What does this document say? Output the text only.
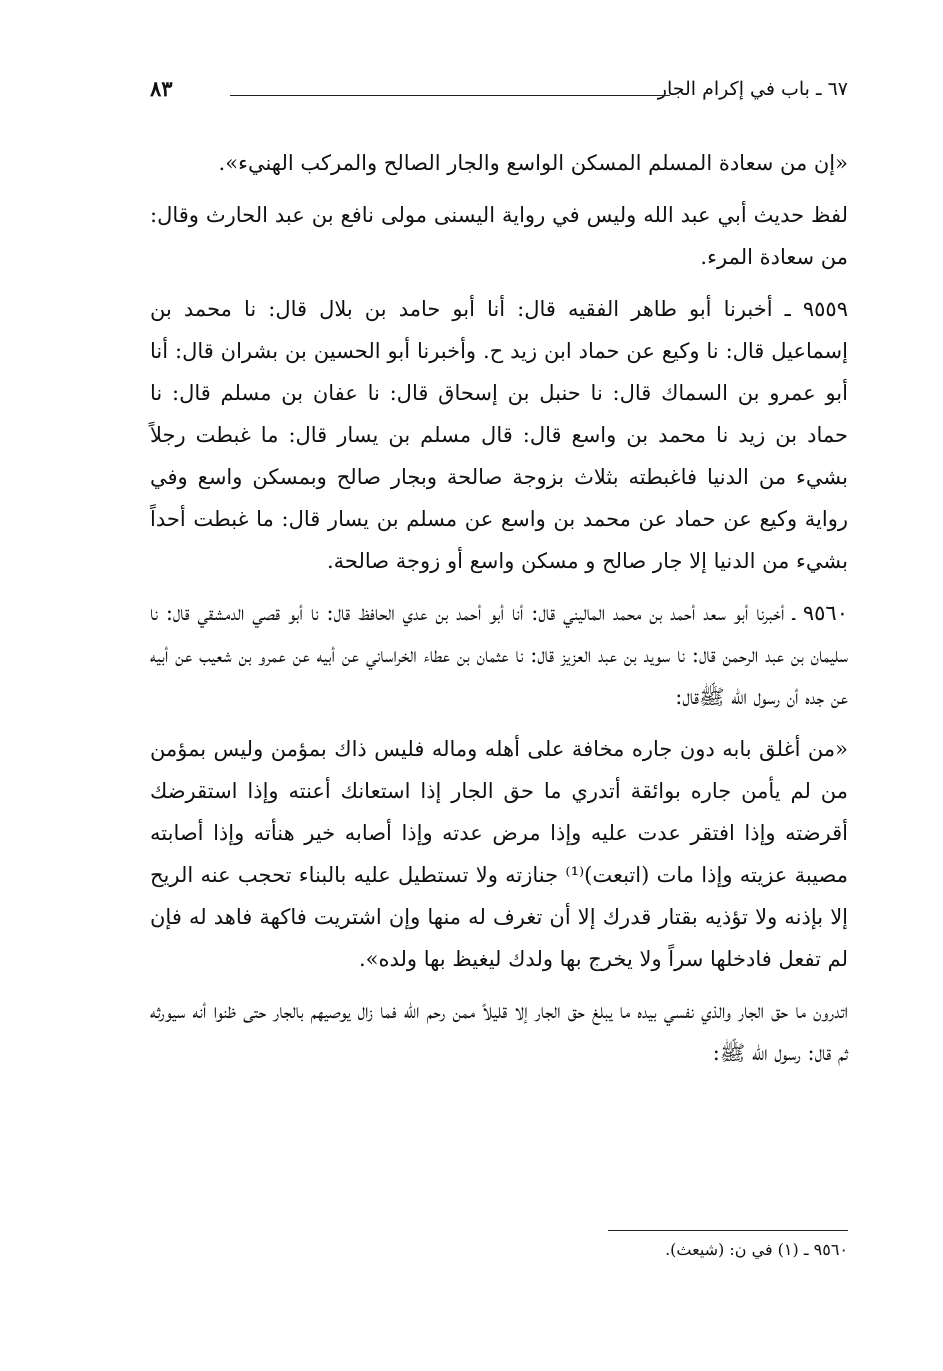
٦٧ ـ باب في إكرام الجار
٨٣

«إن من سعادة المسلم المسكن الواسع والجار الصالح والمركب الهنيء».

لفظ حديث أبي عبد الله وليس في رواية اليسنى مولى نافع بن عبد الحارث وقال: من سعادة المرء.

٩٥٥٩ ـ أخبرنا أبو طاهر الفقيه قال: أنا أبو حامد بن بلال قال: نا محمد بن إسماعيل قال: نا وكيع عن حماد ابن زيد ح. وأخبرنا أبو الحسين بن بشران قال: أنا أبو عمرو بن السماك قال: نا حنبل بن إسحاق قال: نا عفان بن مسلم قال: نا حماد بن زيد نا محمد بن واسع قال: قال مسلم بن يسار قال: ما غبطت رجلاً بشيء من الدنيا فاغبطته بثلاث بزوجة صالحة وبجار صالح وبمسكن واسع وفي رواية وكيع عن حماد عن محمد بن واسع عن مسلم بن يسار قال: ما غبطت أحداً بشيء من الدنيا إلا جار صالح و مسكن واسع أو زوجة صالحة.

٩٥٦٠ ـ أخبرنا أبو سعد أحمد بن محمد الماليني قال: أنا أبو أحمد بن عدي الحافظ قال: نا أبو قصي الدمشقي قال: نا سليمان بن عبد الرحمن قال: نا سويد بن عبد العزيز قال: نا عثمان بن عطاء الخراساني عن أبيه عن عمرو بن شعيب عن أبيه عن جده أن رسول الله ﷺقال:

«من أغلق بابه دون جاره مخافة على أهله وماله فليس ذاك بمؤمن وليس بمؤمن من لم يأمن جاره بوائقة أتدري ما حق الجار إذا استعانك أعنته وإذا استقرضك أقرضته وإذا افتقر عدت عليه وإذا مرض عدته وإذا أصابه خير هنأته وإذا أصابته مصيبة عزيته وإذا مات (اتبعت)⁽¹⁾ جنازته ولا تستطيل عليه بالبناء تحجب عنه الريح إلا بإذنه ولا تؤذيه بقتار قدرك إلا أن تغرف له منها وإن اشتريت فاكهة فاهد له فإن لم تفعل فادخلها سراً ولا يخرج بها ولدك ليغيظ بها ولده».

اتدرون ما حق الجار والذي نفسي بيده ما يبلغ حق الجار إلا قليلاً ممن رحم الله فما زال يوصيهم بالجار حتى ظنوا أنه سيورثه ثم قال: رسول الله ﷺ:

٩٥٦٠ ـ (١) في ن: (شيعث).
